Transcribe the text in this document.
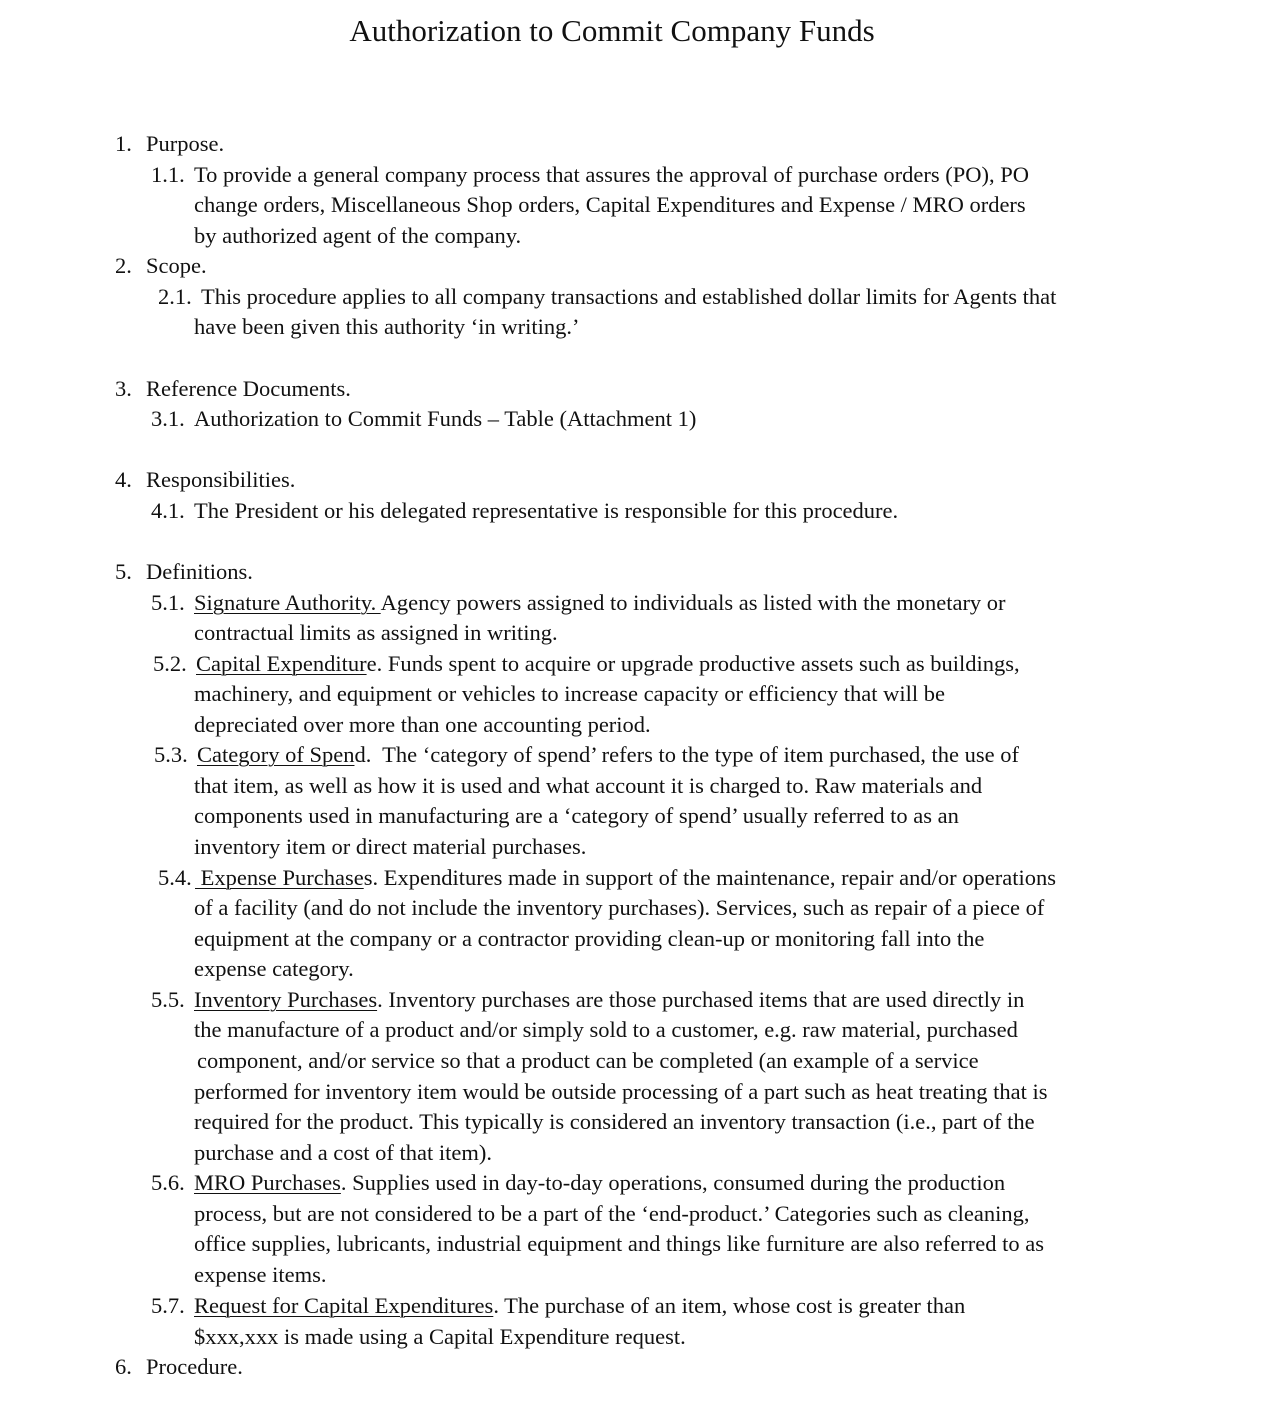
Authorization to Commit Company Funds
1. Purpose.
1.1. To provide a general company process that assures the approval of purchase orders (PO), PO
change orders, Miscellaneous Shop orders, Capital Expenditures and Expense / MRO orders
by authorized agent of the company.
2. Scope.
2.1. This procedure applies to all company transactions and established dollar limits for Agents that
have been given this authority ‘in writing.’
3. Reference Documents.
3.1. Authorization to Commit Funds – Table (Attachment 1)
4. Responsibilities.
4.1. The President or his delegated representative is responsible for this procedure.
5. Definitions.
5.1. Signature Authority. Agency powers assigned to individuals as listed with the monetary or
contractual limits as assigned in writing.
5.2. Capital Expenditure. Funds spent to acquire or upgrade productive assets such as buildings,
machinery, and equipment or vehicles to increase capacity or efficiency that will be
depreciated over more than one accounting period.
5.3. Category of Spend.  The ‘category of spend’ refers to the type of item purchased, the use of
that item, as well as how it is used and what account it is charged to. Raw materials and
components used in manufacturing are a ‘category of spend’ usually referred to as an
inventory item or direct material purchases.
5.4. Expense Purchases. Expenditures made in support of the maintenance, repair and/or operations
of a facility (and do not include the inventory purchases). Services, such as repair of a piece of
equipment at the company or a contractor providing clean-up or monitoring fall into the
expense category.
5.5. Inventory Purchases. Inventory purchases are those purchased items that are used directly in
the manufacture of a product and/or simply sold to a customer, e.g. raw material, purchased
component, and/or service so that a product can be completed (an example of a service
performed for inventory item would be outside processing of a part such as heat treating that is
required for the product. This typically is considered an inventory transaction (i.e., part of the
purchase and a cost of that item).
5.6. MRO Purchases. Supplies used in day-to-day operations, consumed during the production
process, but are not considered to be a part of the ‘end-product.’ Categories such as cleaning,
office supplies, lubricants, industrial equipment and things like furniture are also referred to as
expense items.
5.7. Request for Capital Expenditures. The purchase of an item, whose cost is greater than
$xxx,xxx is made using a Capital Expenditure request.
6. Procedure.
